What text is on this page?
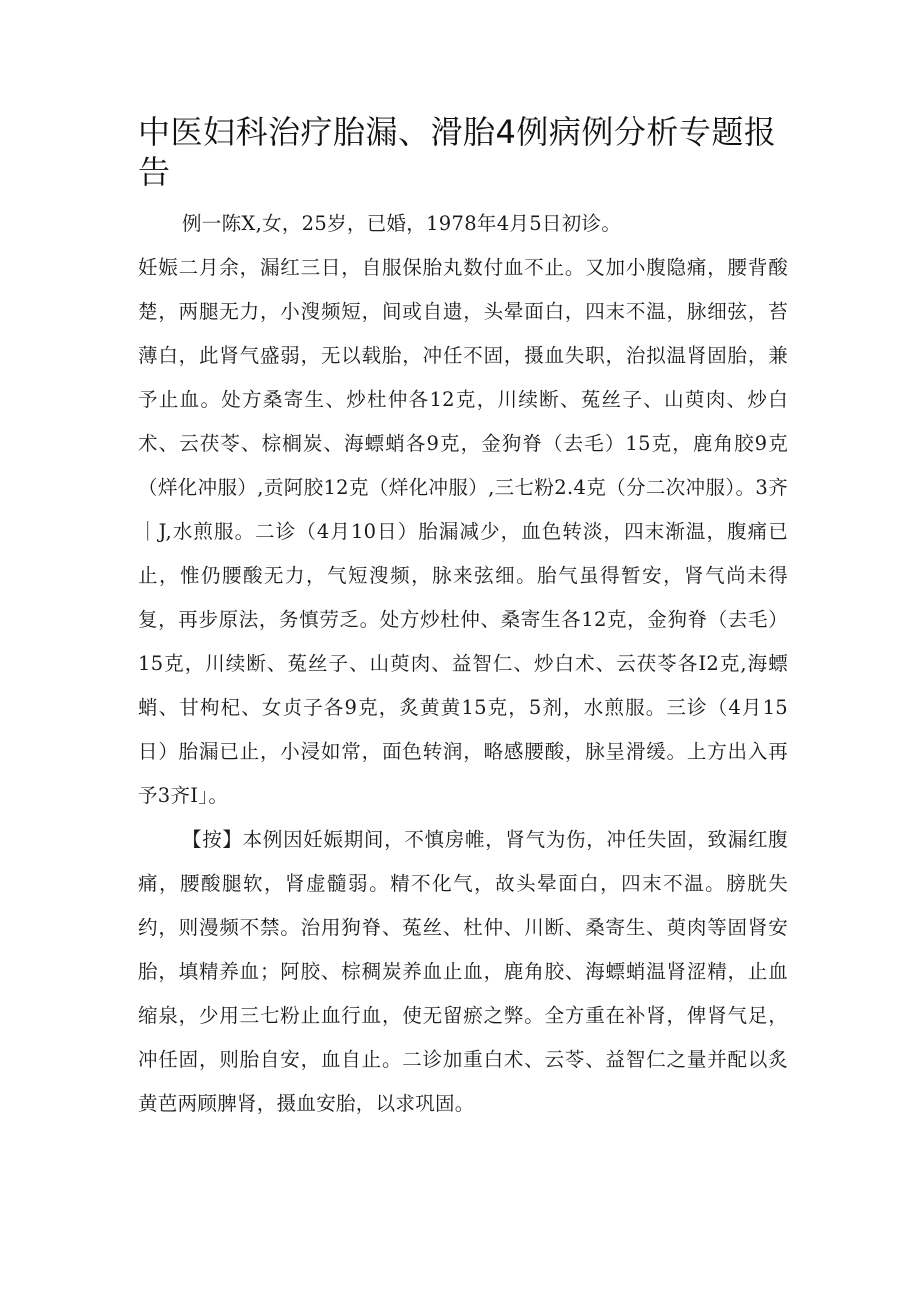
中医妇科治疗胎漏、滑胎4例病例分析专题报告
例一陈X,女，25岁，已婚，1978年4月5日初诊。
妊娠二月余，漏红三日，自服保胎丸数付血不止。又加小腹隐痛，腰背酸楚，两腿无力，小溲频短，间或自遗，头晕面白，四末不温，脉细弦，苔薄白，此肾气盛弱，无以载胎，冲任不固，摄血失职，治拟温肾固胎，兼予止血。处方桑寄生、炒杜仲各12克，川续断、菟丝子、山萸肉、炒白术、云茯苓、棕榈炭、海螵蛸各9克，金狗脊（去毛）15克，鹿角胶9克（烊化冲服）,贡阿胶12克（烊化冲服）,三七粉2.4克（分二次冲服）。3齐｜J,水煎服。二诊（4月10日）胎漏减少，血色转淡，四末渐温，腹痛已止，惟仍腰酸无力，气短溲频，脉来弦细。胎气虽得暂安，肾气尚未得复，再步原法，务慎劳乏。处方炒杜仲、桑寄生各12克，金狗脊（去毛）15克，川续断、菟丝子、山萸肉、益智仁、炒白术、云茯苓各I2克,海螵蛸、甘枸杞、女贞子各9克，炙黄黄15克，5剂，水煎服。三诊（4月15日）胎漏已止，小浸如常，面色转润，略感腰酸，脉呈滑缓。上方出入再予3齐I」。

【按】本例因妊娠期间，不慎房帷，肾气为伤，冲任失固，致漏红腹痛，腰酸腿软，肾虚髓弱。精不化气，故头晕面白，四末不温。膀胱失约，则漫频不禁。治用狗脊、菟丝、杜仲、川断、桑寄生、萸肉等固肾安胎，填精养血；阿胶、棕稠炭养血止血，鹿角胶、海螵蛸温肾涩精，止血缩泉，少用三七粉止血行血，使无留瘀之弊。全方重在补肾，俾肾气足，冲任固，则胎自安，血自止。二诊加重白术、云苓、益智仁之量并配以炙黄芭两顾脾肾，摄血安胎，以求巩固。
